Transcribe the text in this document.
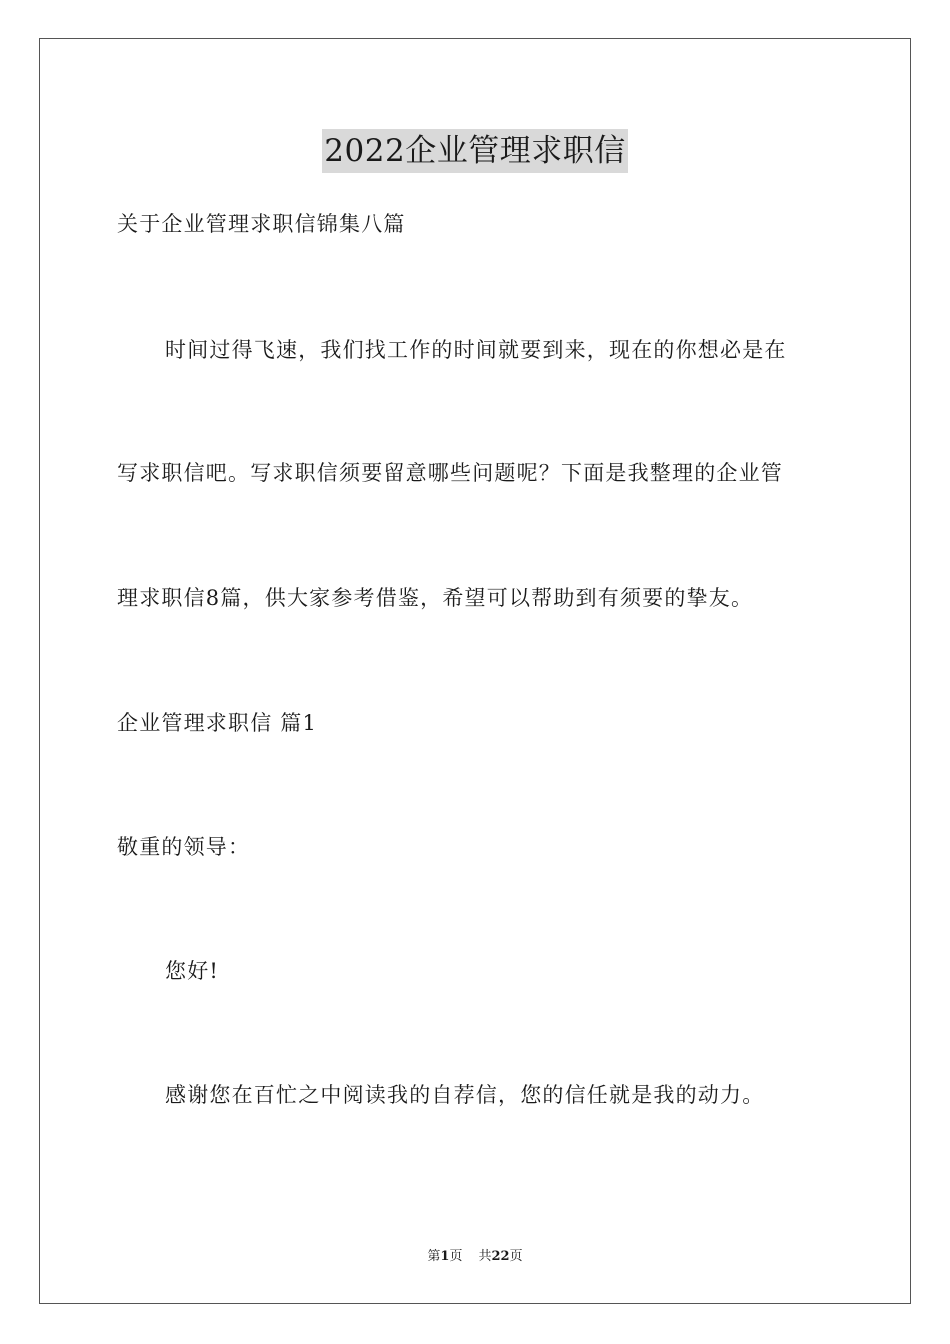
2022企业管理求职信

关于企业管理求职信锦集八篇

时间过得飞速，我们找工作的时间就要到来，现在的你想必是在

写求职信吧。写求职信须要留意哪些问题呢？下面是我整理的企业管

理求职信8篇，供大家参考借鉴，希望可以帮助到有须要的挚友。

企业管理求职信 篇1

敬重的领导：

您好!

感谢您在百忙之中阅读我的自荐信，您的信任就是我的动力。

第1页 共22页
